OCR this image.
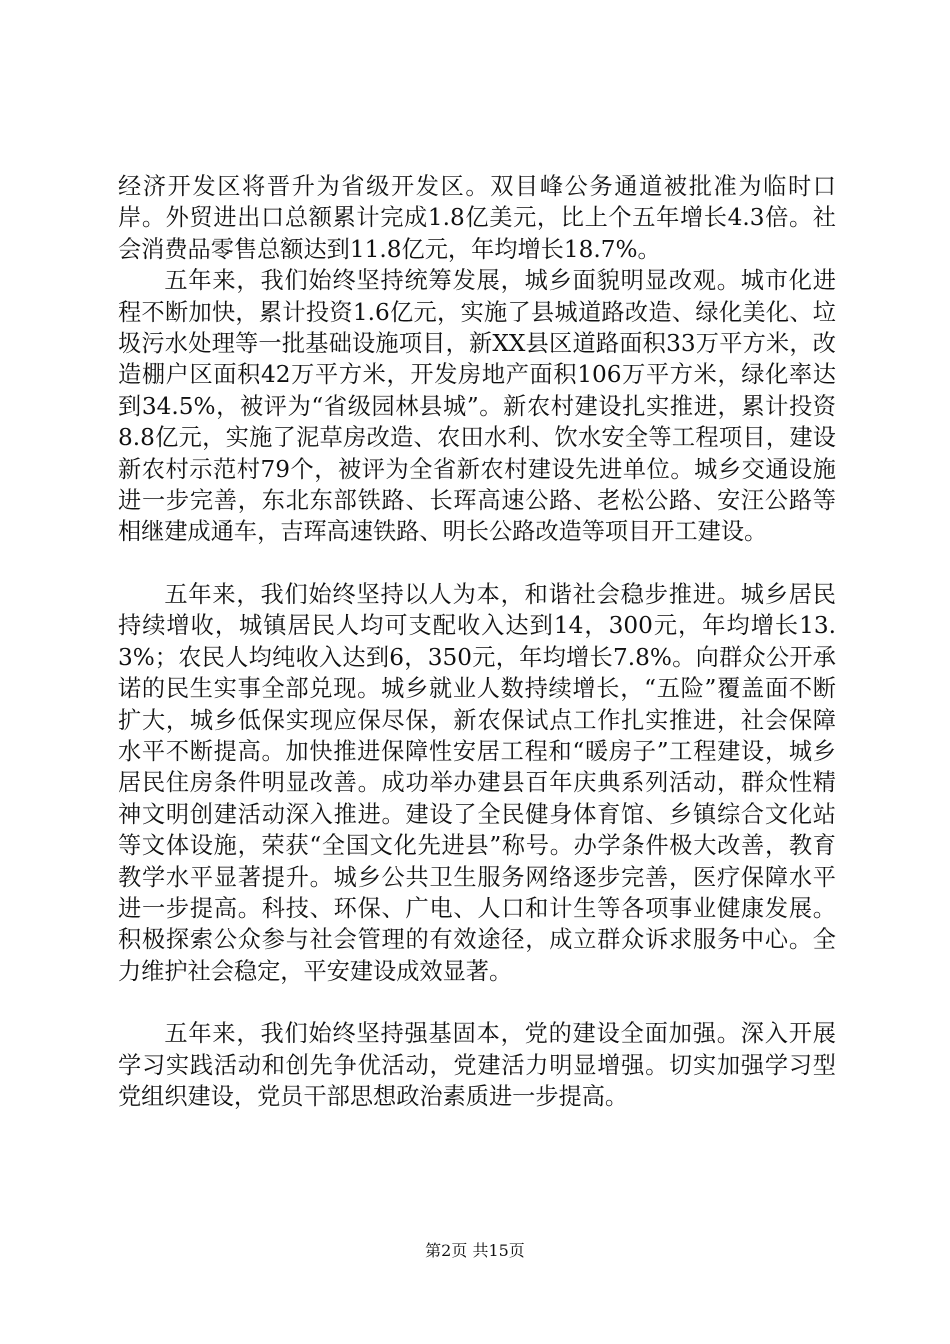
经济开发区将晋升为省级开发区。双目峰公务通道被批准为临时口岸。外贸进出口总额累计完成1.8亿美元，比上个五年增长4.3倍。社会消费品零售总额达到11.8亿元，年均增长18.7%。

五年来，我们始终坚持统筹发展，城乡面貌明显改观。城市化进程不断加快，累计投资1.6亿元，实施了县城道路改造、绿化美化、垃圾污水处理等一批基础设施项目，新XX县区道路面积33万平方米，改造棚户区面积42万平方米，开发房地产面积106万平方米，绿化率达到34.5%，被评为“省级园林县城”。新农村建设扎实推进，累计投资8.8亿元，实施了泥草房改造、农田水利、饮水安全等工程项目，建设新农村示范村79个，被评为全省新农村建设先进单位。城乡交通设施进一步完善，东北东部铁路、长珲高速公路、老松公路、安汪公路等相继建成通车，吉珲高速铁路、明长公路改造等项目开工建设。

五年来，我们始终坚持以人为本，和谐社会稳步推进。城乡居民持续增收，城镇居民人均可支配收入达到14，300元，年均增长13.3%；农民人均纯收入达到6，350元，年均增长7.8%。向群众公开承诺的民生实事全部兑现。城乡就业人数持续增长，“五险”覆盖面不断扩大，城乡低保实现应保尽保，新农保试点工作扎实推进，社会保障水平不断提高。加快推进保障性安居工程和“暖房子”工程建设，城乡居民住房条件明显改善。成功举办建县百年庆典系列活动，群众性精神文明创建活动深入推进。建设了全民健身体育馆、乡镇综合文化站等文体设施，荣获“全国文化先进县”称号。办学条件极大改善，教育教学水平显著提升。城乡公共卫生服务网络逐步完善，医疗保障水平进一步提高。科技、环保、广电、人口和计生等各项事业健康发展。积极探索公众参与社会管理的有效途径，成立群众诉求服务中心。全力维护社会稳定，平安建设成效显著。

五年来，我们始终坚持强基固本，党的建设全面加强。深入开展学习实践活动和创先争优活动，党建活力明显增强。切实加强学习型党组织建设，党员干部思想政治素质进一步提高。

第2页 共15页
